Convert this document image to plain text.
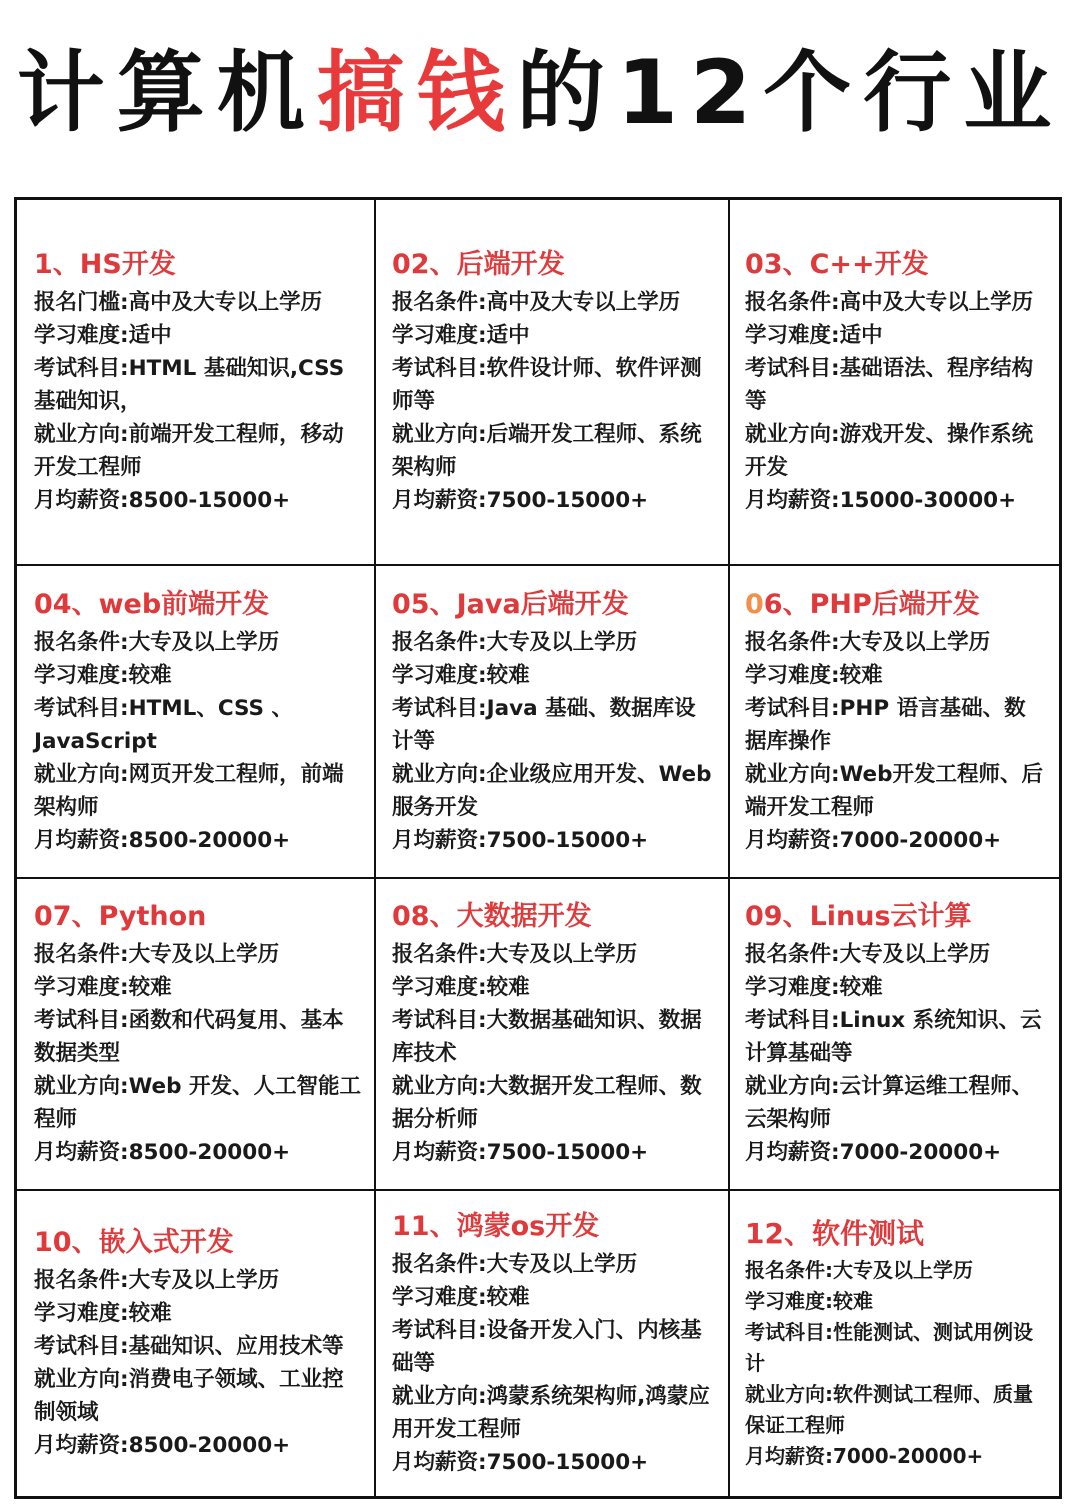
计算机搞钱的12个行业
1、HS开发
报名门槛:高中及大专以上学历
学习难度:适中
考试科目:HTML 基础知识,CSS 基础知识，
就业方向:前端开发工程师，移动开发工程师
月均薪资:8500-15000+
02、后端开发
报名条件:高中及大专以上学历
学习难度:适中
考试科目:软件设计师、软件评测师等
就业方向:后端开发工程师、系统架构师
月均薪资:7500-15000+
03、C++开发
报名条件:高中及大专以上学历
学习难度:适中
考试科目:基础语法、程序结构等
就业方向:游戏开发、操作系统开发
月均薪资:15000-30000+
04、web前端开发
报名条件:大专及以上学历
学习难度:较难
考试科目:HTML、CSS 、JavaScript
就业方向:网页开发工程师，前端架构师
月均薪资:8500-20000+
05、Java后端开发
报名条件:大专及以上学历
学习难度:较难
考试科目:Java 基础、数据库设计等
就业方向:企业级应用开发、Web 服务开发
月均薪资:7500-15000+
06、PHP后端开发
报名条件:大专及以上学历
学习难度:较难
考试科目:PHP 语言基础、数据库操作
就业方向:Web开发工程师、后端开发工程师
月均薪资:7000-20000+
07、Python
报名条件:大专及以上学历
学习难度:较难
考试科目:函数和代码复用、基本数据类型
就业方向:Web 开发、人工智能工程师
月均薪资:8500-20000+
08、大数据开发
报名条件:大专及以上学历
学习难度:较难
考试科目:大数据基础知识、数据库技术
就业方向:大数据开发工程师、数据分析师
月均薪资:7500-15000+
09、Linus云计算
报名条件:大专及以上学历
学习难度:较难
考试科目:Linux 系统知识、云计算基础等
就业方向:云计算运维工程师、云架构师
月均薪资:7000-20000+
10、嵌入式开发
报名条件:大专及以上学历
学习难度:较难
考试科目:基础知识、应用技术等
就业方向:消费电子领域、工业控制领域
月均薪资:8500-20000+
11、鸿蒙os开发
报名条件:大专及以上学历
学习难度:较难
考试科目:设备开发入门、内核基础等
就业方向:鸿蒙系统架构师,鸿蒙应用开发工程师
月均薪资:7500-15000+
12、软件测试
报名条件:大专及以上学历
学习难度:较难
考试科目:性能测试、测试用例设计
就业方向:软件测试工程师、质量保证工程师
月均薪资:7000-20000+
